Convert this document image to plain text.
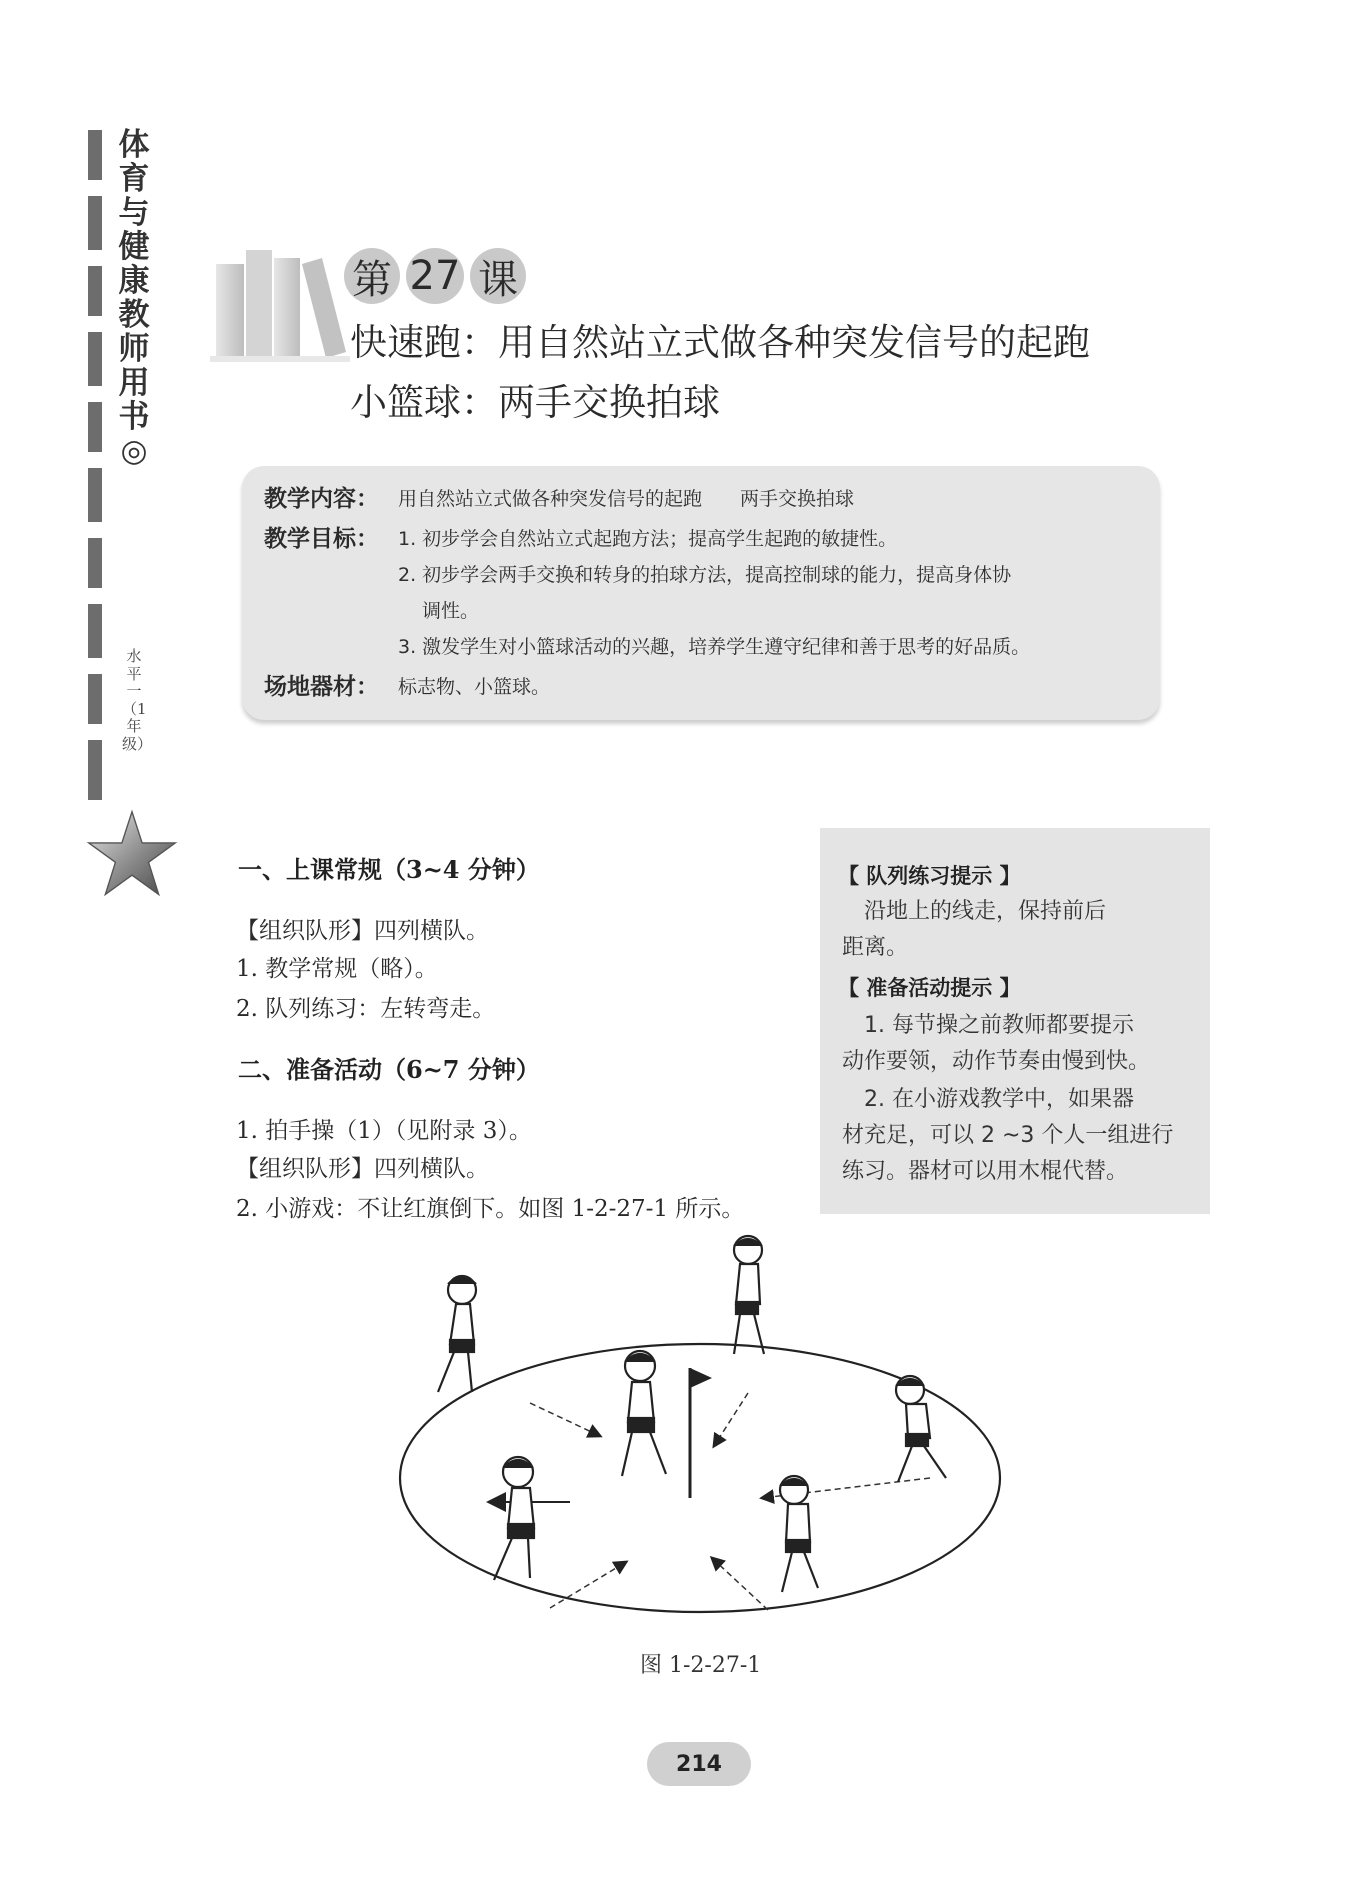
体育与健康教师用书◎
水平一（1年级）
第 27 课
快速跑：用自然站立式做各种突发信号的起跑
小篮球：两手交换拍球
教学内容： 用自然站立式做各种突发信号的起跑　　两手交换拍球
教学目标： 1. 初步学会自然站立式起跑方法；提高学生起跑的敏捷性。
2. 初步学会两手交换和转身的拍球方法，提高控制球的能力，提高身体协
调性。
3. 激发学生对小篮球活动的兴趣，培养学生遵守纪律和善于思考的好品质。
场地器材： 标志物、小篮球。
一、上课常规（3~4 分钟）
【组织队形】四列横队。
1. 教学常规（略）。
2. 队列练习：左转弯走。
二、准备活动（6~7 分钟）
1. 拍手操（1）（见附录 3）。
【组织队形】四列横队。
2. 小游戏：不让红旗倒下。如图 1-2-27-1 所示。
【 队列练习提示 】
　沿地上的线走，保持前后
距离。
【 准备活动提示 】
　1. 每节操之前教师都要提示
动作要领，动作节奏由慢到快。
　2. 在小游戏教学中，如果器
材充足，可以 2 ~3 个人一组进行
练习。器材可以用木棍代替。
图 1-2-27-1
214
